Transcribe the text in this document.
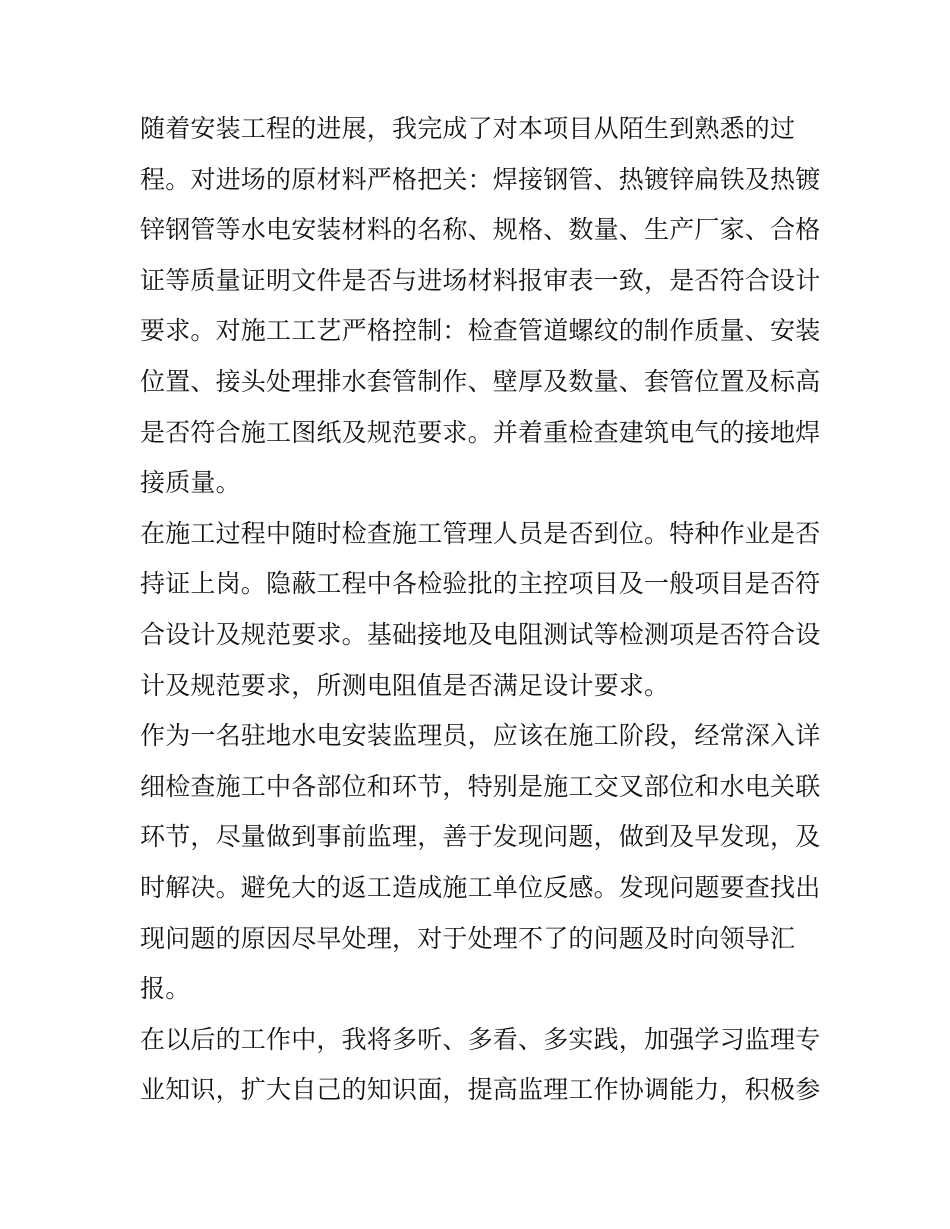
随着安装工程的进展，我完成了对本项目从陌生到熟悉的过
程。对进场的原材料严格把关：焊接钢管、热镀锌扁铁及热镀
锌钢管等水电安装材料的名称、规格、数量、生产厂家、合格
证等质量证明文件是否与进场材料报审表一致，是否符合设计
要求。对施工工艺严格控制：检查管道螺纹的制作质量、安装
位置、接头处理排水套管制作、壁厚及数量、套管位置及标高
是否符合施工图纸及规范要求。并着重检查建筑电气的接地焊
接质量。
在施工过程中随时检查施工管理人员是否到位。特种作业是否
持证上岗。隐蔽工程中各检验批的主控项目及一般项目是否符
合设计及规范要求。基础接地及电阻测试等检测项是否符合设
计及规范要求，所测电阻值是否满足设计要求。
作为一名驻地水电安装监理员，应该在施工阶段，经常深入详
细检查施工中各部位和环节，特别是施工交叉部位和水电关联
环节，尽量做到事前监理，善于发现问题，做到及早发现，及
时解决。避免大的返工造成施工单位反感。发现问题要查找出
现问题的原因尽早处理，对于处理不了的问题及时向领导汇
报。
在以后的工作中，我将多听、多看、多实践，加强学习监理专
业知识，扩大自己的知识面，提高监理工作协调能力，积极参
